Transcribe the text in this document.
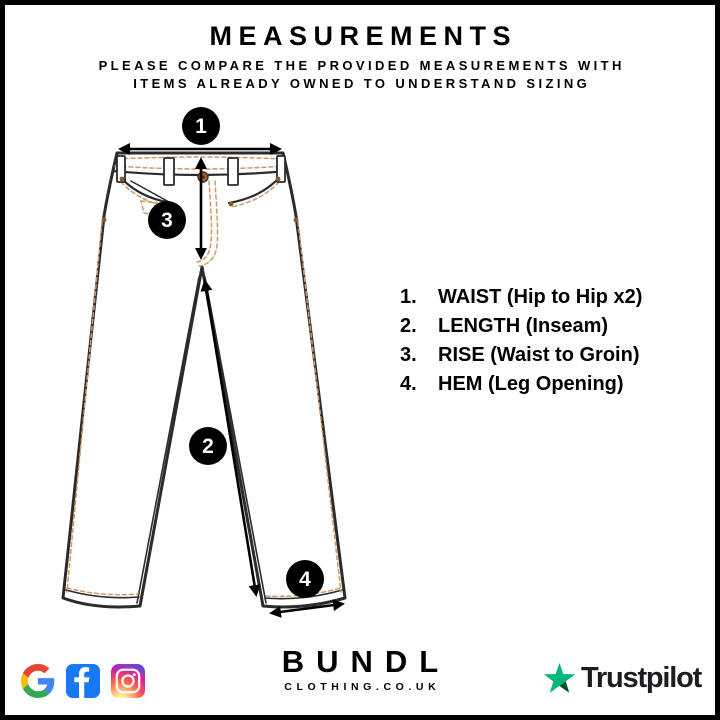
MEASUREMENTS
PLEASE COMPARE THE PROVIDED MEASUREMENTS WITH
ITEMS ALREADY OWNED TO UNDERSTAND SIZING
1
2
3
4
1.	WAIST (Hip to Hip x2)
2.	LENGTH (Inseam)
3.	RISE (Waist to Groin)
4.	HEM (Leg Opening)
BUNDL
CLOTHING.CO.UK	Trustpilot
